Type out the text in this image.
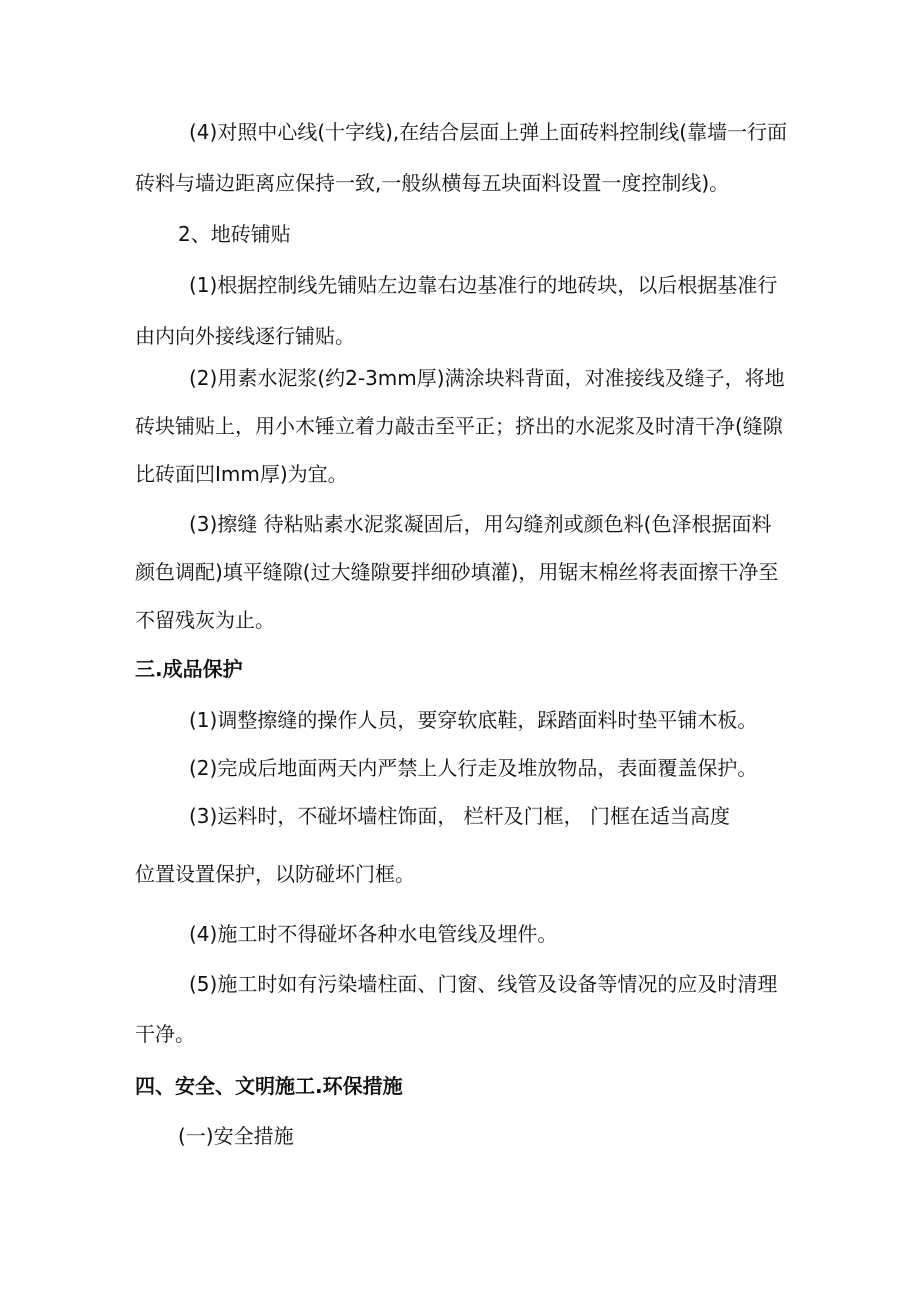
(4)对照中心线(十字线),在结合层面上弹上面砖料控制线(靠墙一行面
砖料与墙边距离应保持一致,一般纵横每五块面料设置一度控制线)。
2、地砖铺贴
(1)根据控制线先铺贴左边靠右边基准行的地砖块，以后根据基准行
由内向外接线逐行铺贴。
(2)用素水泥浆(约2-3mm厚)满涂块料背面，对准接线及缝子，将地
砖块铺贴上，用小木锤立着力敲击至平正；挤出的水泥浆及时清干净(缝隙
比砖面凹Imm厚)为宜。
(3)擦缝 待粘贴素水泥浆凝固后，用勾缝剂或颜色料(色泽根据面料
颜色调配)填平缝隙(过大缝隙要拌细砂填灌)，用锯末棉丝将表面擦干净至
不留残灰为止。
三.成品保护
(1)调整擦缝的操作人员，要穿软底鞋，踩踏面料时垫平铺木板。
(2)完成后地面两天内严禁上人行走及堆放物品，表面覆盖保护。
(3)运料时，不碰坏墙柱饰面， 栏杆及门框， 门框在适当高度
位置设置保护，以防碰坏门框。
(4)施工时不得碰坏各种水电管线及埋件。
(5)施工时如有污染墙柱面、门窗、线管及设备等情况的应及时清理
干净。
四、安全、文明施工.环保措施
(一)安全措施
